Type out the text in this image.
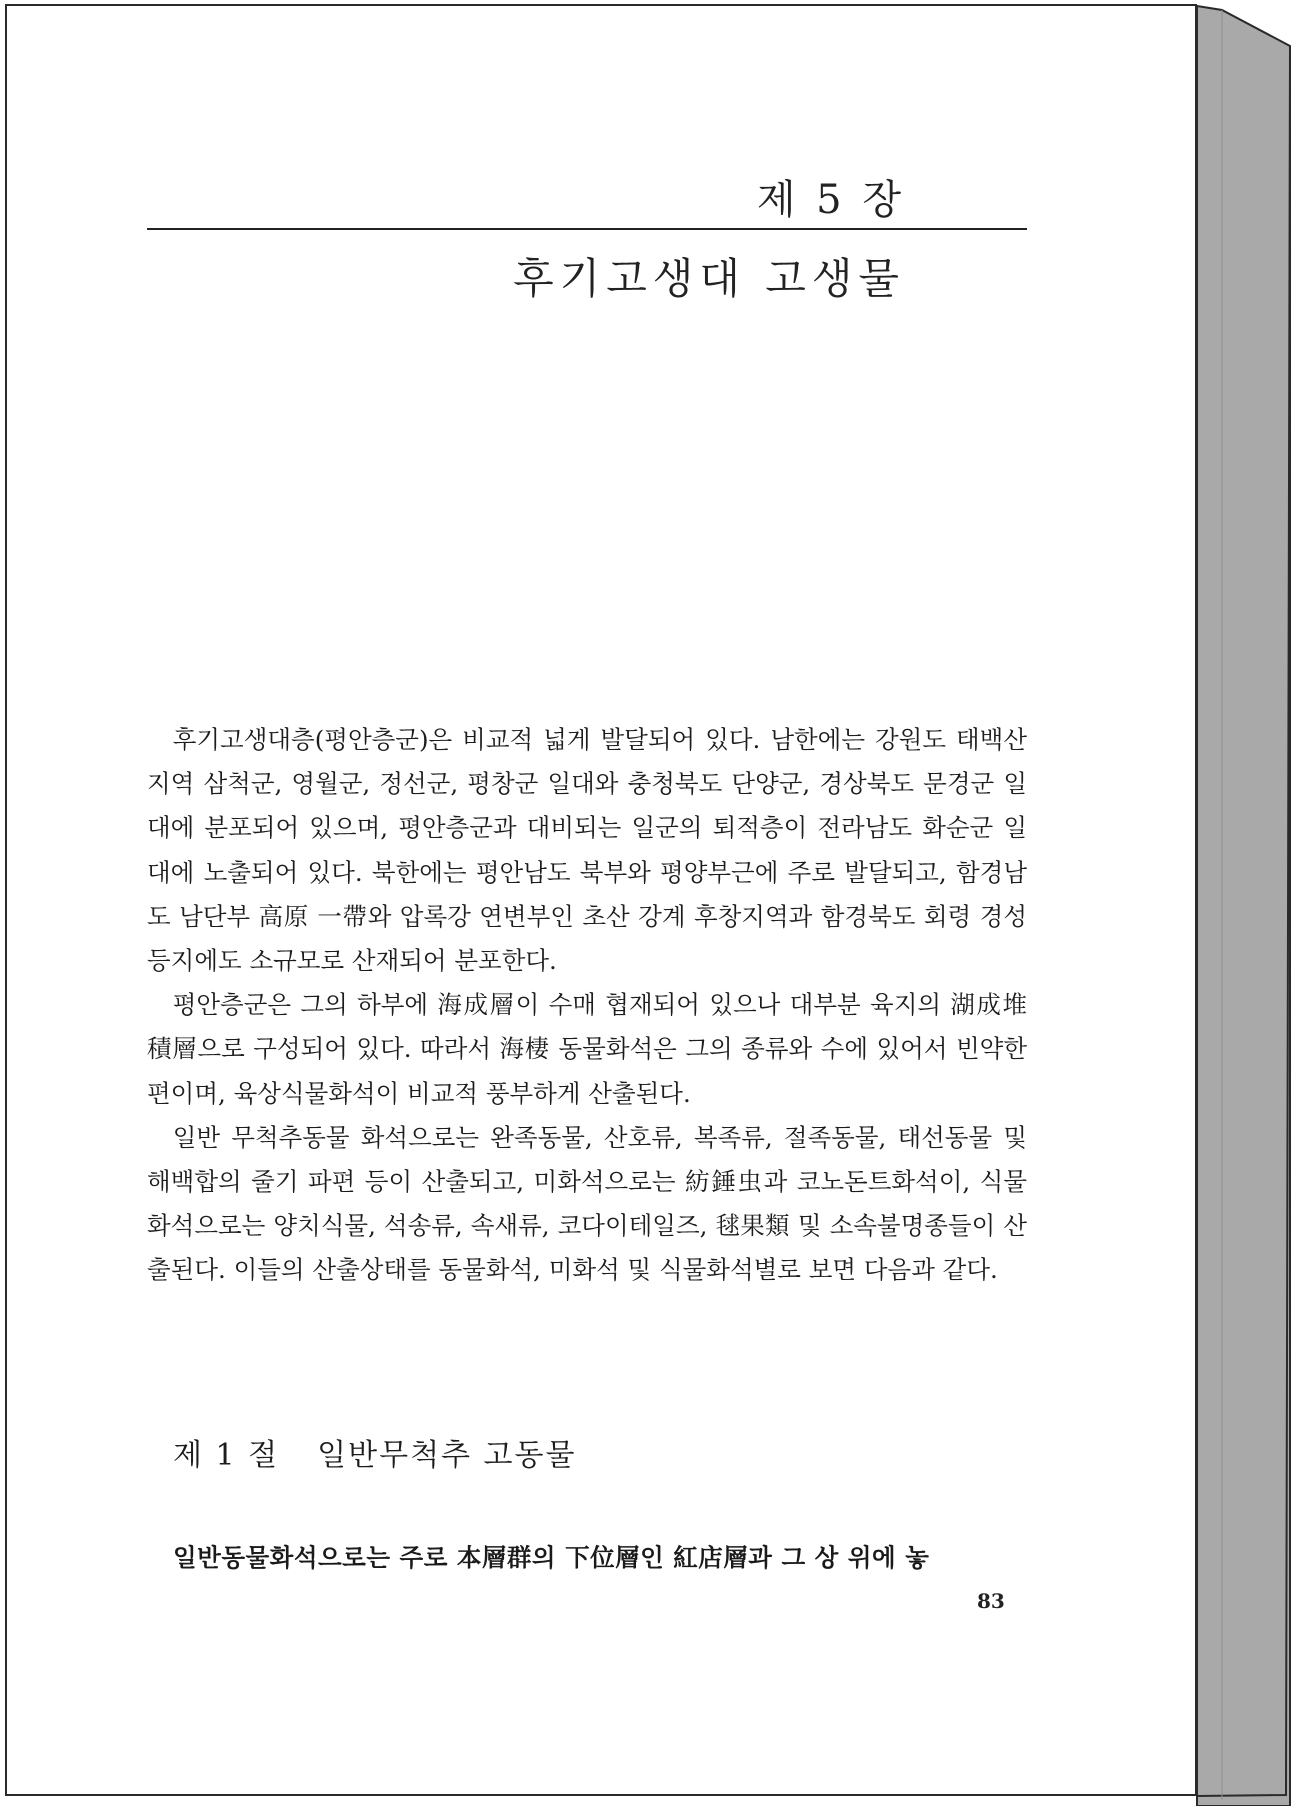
제 5 장
후기고생대 고생물

후기고생대층(평안층군)은 비교적 넓게 발달되어 있다. 남한에는 강원도 태백산지역 삼척군, 영월군, 정선군, 평창군 일대와 충청북도 단양군, 경상북도 문경군 일대에 분포되어 있으며, 평안층군과 대비되는 일군의 퇴적층이 전라남도 화순군 일대에 노출되어 있다. 북한에는 평안남도 북부와 평양부근에 주로 발달되고, 함경남도 남단부 高原 一帶와 압록강 연변부인 초산 강계 후창지역과 함경북도 회령 경성 등지에도 소규모로 산재되어 분포한다.

평안층군은 그의 하부에 海成層이 수매 협재되어 있으나 대부분 육지의 湖成堆積層으로 구성되어 있다. 따라서 海棲 동물화석은 그의 종류와 수에 있어서 빈약한 편이며, 육상식물화석이 비교적 풍부하게 산출된다.

일반 무척추동물 화석으로는 완족동물, 산호류, 복족류, 절족동물, 태선동물 및 해백합의 줄기 파편 등이 산출되고, 미화석으로는 紡錘虫과 코노돈트화석이, 식물화석으로는 양치식물, 석송류, 속새류, 코다이테일즈, 毬果類 및 소속불명종들이 산출된다. 이들의 산출상태를 동물화석, 미화석 및 식물화석별로 보면 다음과 같다.

제 1 절 일반무척추 고동물
일반동물화석으로는 주로 本層群의 下位層인 紅店層과 그 상 위에 놓
83
